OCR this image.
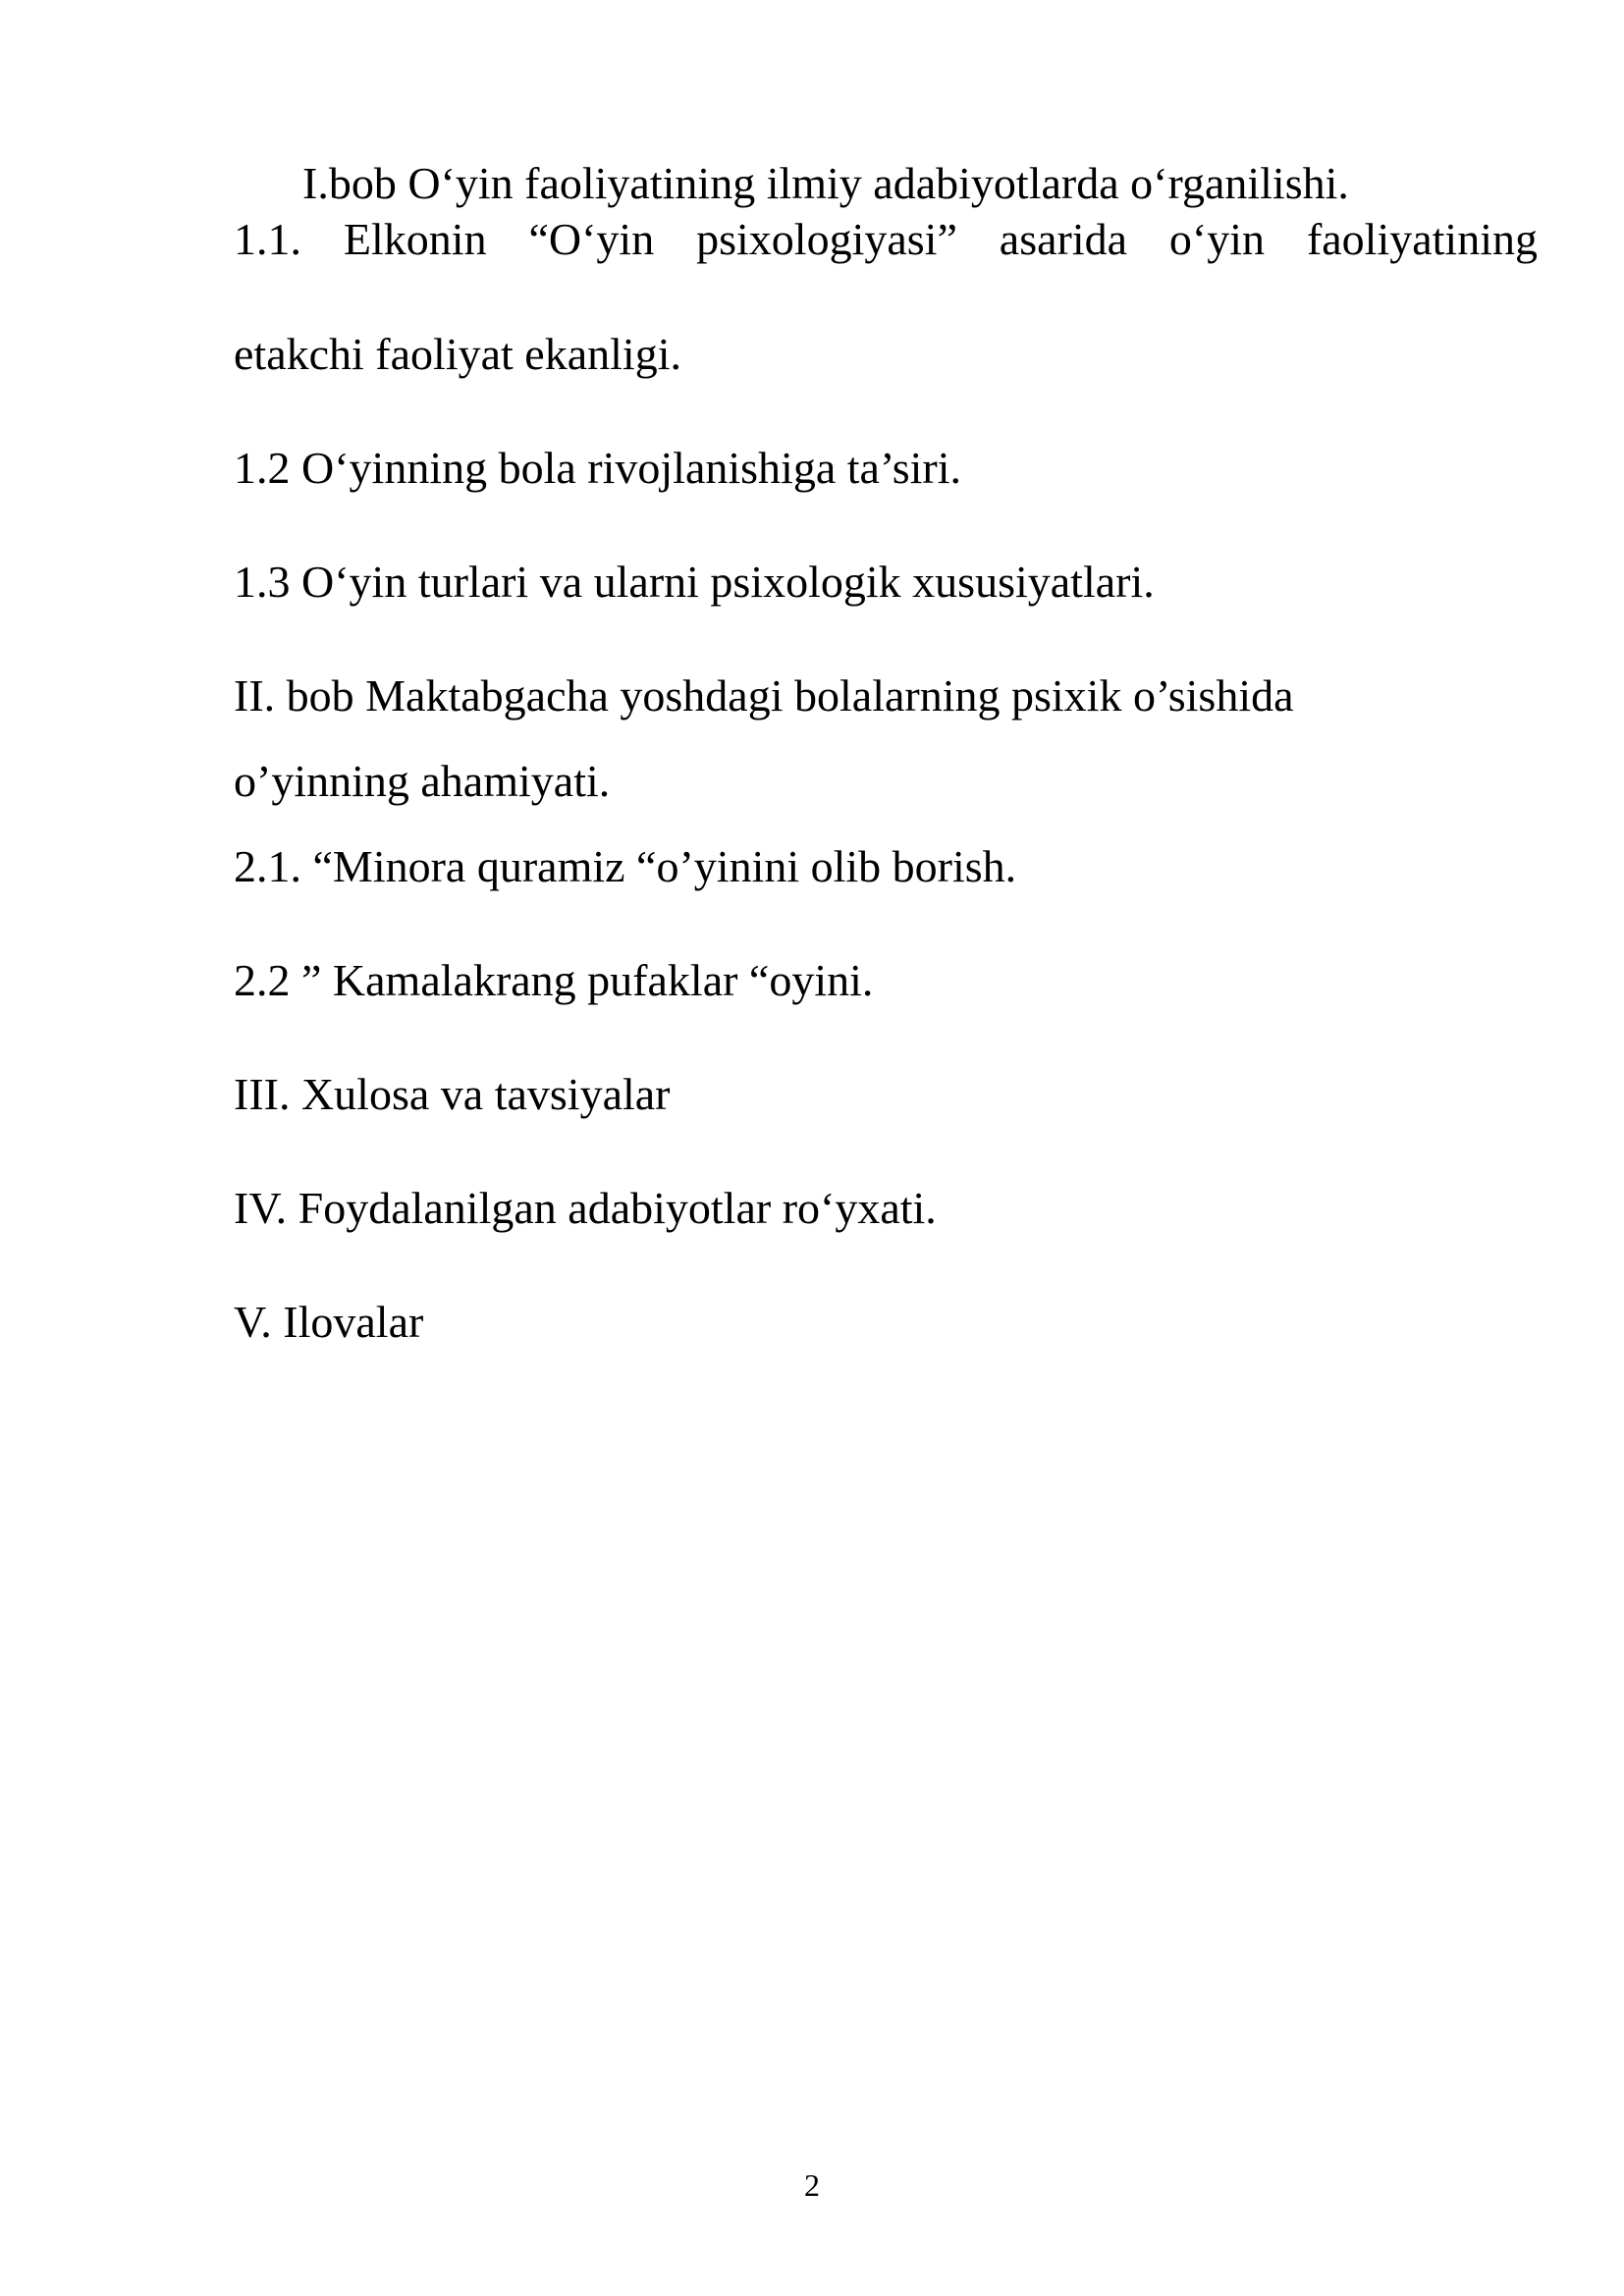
I.bob O‘yin faoliyatining ilmiy adabiyotlarda o‘rganilishi.

1.1. Elkonin “O‘yin psixologiyasi” asarida o‘yin faoliyatining

etakchi faoliyat ekanligi.

1.2 O‘yinning bola rivojlanishiga ta’siri.

1.3 O‘yin turlari va ularni psixologik xususiyatlari.

II. bob Maktabgacha yoshdagi bolalarning psixik o’sishida

o’yinning ahamiyati.

2.1. “Minora quramiz “o’yinini olib borish.

2.2 ” Kamalakrang pufaklar “oyini.

III. Xulosa va tavsiyalar

IV. Foydalanilgan adabiyotlar ro‘yxati.

V. Ilovalar

2
